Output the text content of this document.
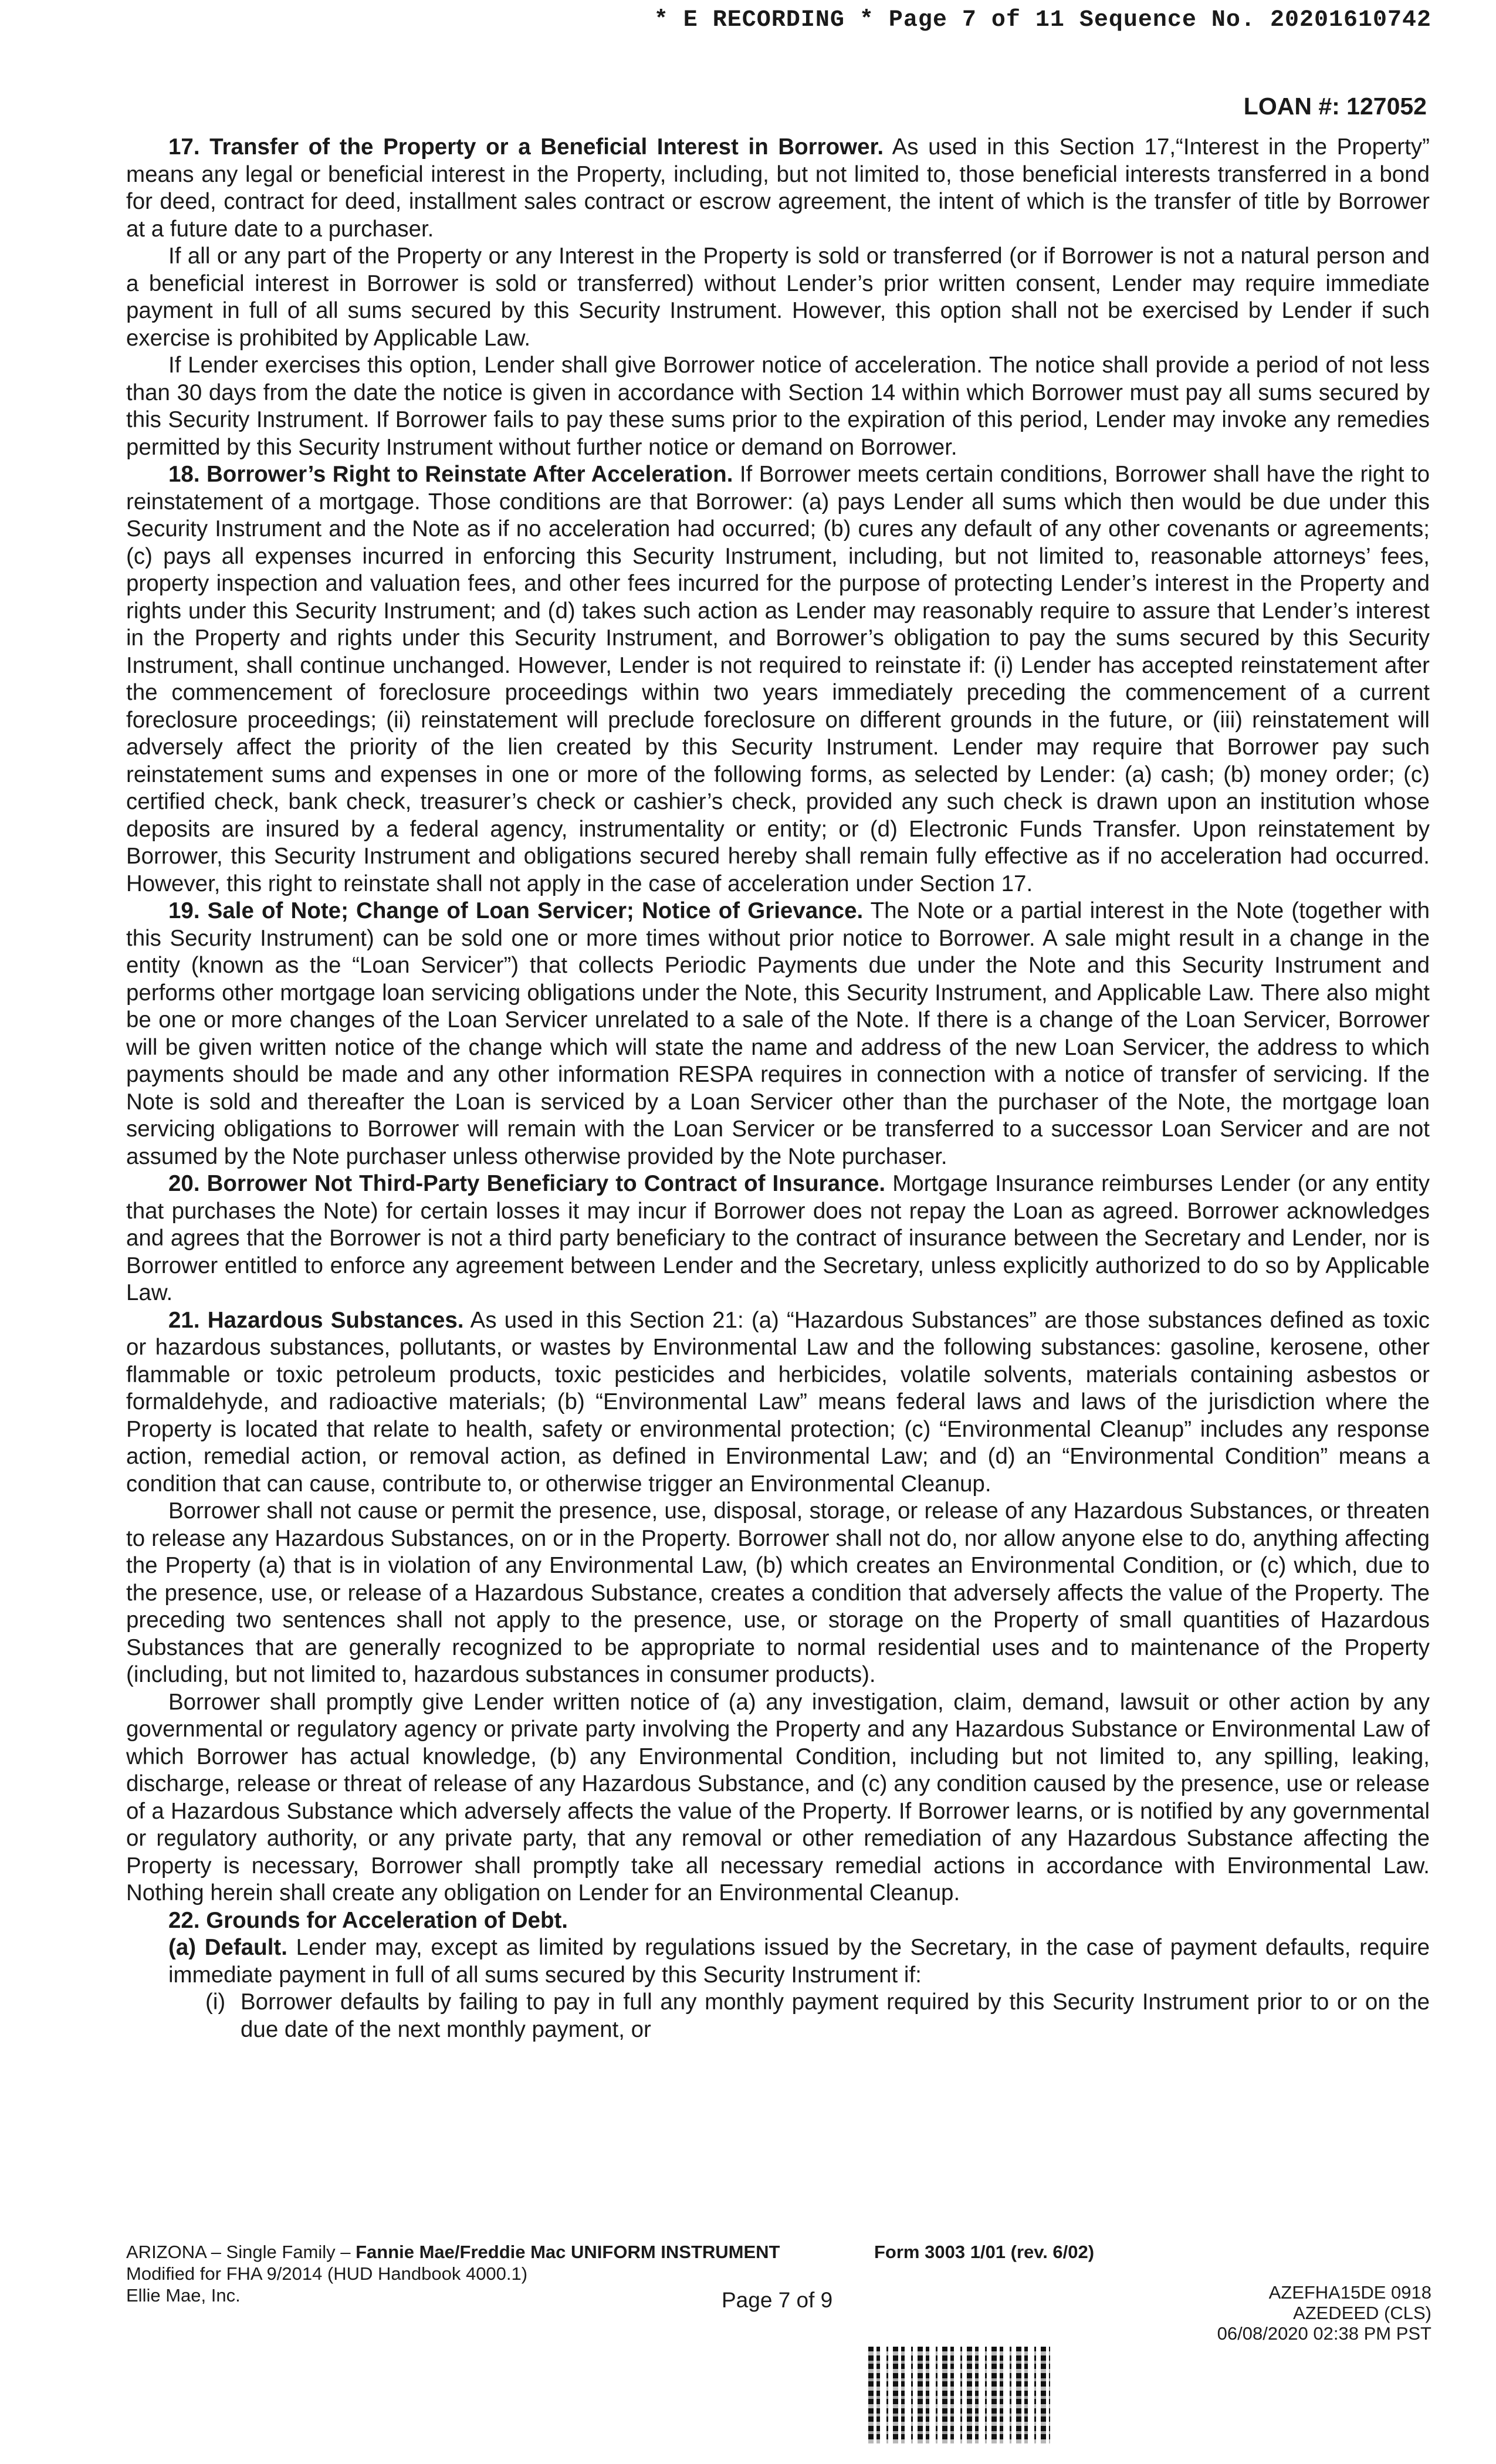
* E RECORDING * Page 7 of 11 Sequence No. 20201610742
LOAN #: 127052

17. Transfer of the Property or a Beneficial Interest in Borrower. As used in this Section 17,“Interest in the Property” means any legal or beneficial interest in the Property, including, but not limited to, those beneficial interests transferred in a bond for deed, contract for deed, installment sales contract or escrow agreement, the intent of which is the transfer of title by Borrower at a future date to a purchaser.

If all or any part of the Property or any Interest in the Property is sold or transferred (or if Borrower is not a natural person and a beneficial interest in Borrower is sold or transferred) without Lender’s prior written consent, Lender may require immediate payment in full of all sums secured by this Security Instrument. However, this option shall not be exercised by Lender if such exercise is prohibited by Applicable Law.

If Lender exercises this option, Lender shall give Borrower notice of acceleration. The notice shall provide a period of not less than 30 days from the date the notice is given in accordance with Section 14 within which Borrower must pay all sums secured by this Security Instrument. If Borrower fails to pay these sums prior to the expiration of this period, Lender may invoke any remedies permitted by this Security Instrument without further notice or demand on Borrower.

18. Borrower’s Right to Reinstate After Acceleration. If Borrower meets certain conditions, Borrower shall have the right to reinstatement of a mortgage. Those conditions are that Borrower: (a) pays Lender all sums which then would be due under this Security Instrument and the Note as if no acceleration had occurred; (b) cures any default of any other covenants or agreements; (c) pays all expenses incurred in enforcing this Security Instrument, including, but not limited to, reasonable attorneys’ fees, property inspection and valuation fees, and other fees incurred for the purpose of protecting Lender’s interest in the Property and rights under this Security Instrument; and (d) takes such action as Lender may reasonably require to assure that Lender’s interest in the Property and rights under this Security Instrument, and Borrower’s obligation to pay the sums secured by this Security Instrument, shall continue unchanged. However, Lender is not required to reinstate if: (i) Lender has accepted reinstatement after the commencement of foreclosure proceedings within two years immediately preceding the commencement of a current foreclosure proceedings; (ii) reinstatement will preclude foreclosure on different grounds in the future, or (iii) reinstatement will adversely affect the priority of the lien created by this Security Instrument. Lender may require that Borrower pay such reinstatement sums and expenses in one or more of the following forms, as selected by Lender: (a) cash; (b) money order; (c) certified check, bank check, treasurer’s check or cashier’s check, provided any such check is drawn upon an institution whose deposits are insured by a federal agency, instrumentality or entity; or (d) Electronic Funds Transfer. Upon reinstatement by Borrower, this Security Instrument and obligations secured hereby shall remain fully effective as if no acceleration had occurred. However, this right to reinstate shall not apply in the case of acceleration under Section 17.

19. Sale of Note; Change of Loan Servicer; Notice of Grievance. The Note or a partial interest in the Note (together with this Security Instrument) can be sold one or more times without prior notice to Borrower. A sale might result in a change in the entity (known as the “Loan Servicer”) that collects Periodic Payments due under the Note and this Security Instrument and performs other mortgage loan servicing obligations under the Note, this Security Instrument, and Applicable Law. There also might be one or more changes of the Loan Servicer unrelated to a sale of the Note. If there is a change of the Loan Servicer, Borrower will be given written notice of the change which will state the name and address of the new Loan Servicer, the address to which payments should be made and any other information RESPA requires in connection with a notice of transfer of servicing. If the Note is sold and thereafter the Loan is serviced by a Loan Servicer other than the purchaser of the Note, the mortgage loan servicing obligations to Borrower will remain with the Loan Servicer or be transferred to a successor Loan Servicer and are not assumed by the Note purchaser unless otherwise provided by the Note purchaser.

20. Borrower Not Third-Party Beneficiary to Contract of Insurance. Mortgage Insurance reimburses Lender (or any entity that purchases the Note) for certain losses it may incur if Borrower does not repay the Loan as agreed. Borrower acknowledges and agrees that the Borrower is not a third party beneficiary to the contract of insurance between the Secretary and Lender, nor is Borrower entitled to enforce any agreement between Lender and the Secretary, unless explicitly authorized to do so by Applicable Law.

21. Hazardous Substances. As used in this Section 21: (a) “Hazardous Substances” are those substances defined as toxic or hazardous substances, pollutants, or wastes by Environmental Law and the following substances: gasoline, kerosene, other flammable or toxic petroleum products, toxic pesticides and herbicides, volatile solvents, materials containing asbestos or formaldehyde, and radioactive materials; (b) “Environmental Law” means federal laws and laws of the jurisdiction where the Property is located that relate to health, safety or environmental protection; (c) “Environmental Cleanup” includes any response action, remedial action, or removal action, as defined in Environmental Law; and (d) an “Environmental Condition” means a condition that can cause, contribute to, or otherwise trigger an Environmental Cleanup.

Borrower shall not cause or permit the presence, use, disposal, storage, or release of any Hazardous Substances, or threaten to release any Hazardous Substances, on or in the Property. Borrower shall not do, nor allow anyone else to do, anything affecting the Property (a) that is in violation of any Environmental Law, (b) which creates an Environmental Condition, or (c) which, due to the presence, use, or release of a Hazardous Substance, creates a condition that adversely affects the value of the Property. The preceding two sentences shall not apply to the presence, use, or storage on the Property of small quantities of Hazardous Substances that are generally recognized to be appropriate to normal residential uses and to maintenance of the Property (including, but not limited to, hazardous substances in consumer products).

Borrower shall promptly give Lender written notice of (a) any investigation, claim, demand, lawsuit or other action by any governmental or regulatory agency or private party involving the Property and any Hazardous Substance or Environmental Law of which Borrower has actual knowledge, (b) any Environmental Condition, including but not limited to, any spilling, leaking, discharge, release or threat of release of any Hazardous Substance, and (c) any condition caused by the presence, use or release of a Hazardous Substance which adversely affects the value of the Property. If Borrower learns, or is notified by any governmental or regulatory authority, or any private party, that any removal or other remediation of any Hazardous Substance affecting the Property is necessary, Borrower shall promptly take all necessary remedial actions in accordance with Environmental Law. Nothing herein shall create any obligation on Lender for an Environmental Cleanup.

22. Grounds for Acceleration of Debt.

(a) Default. Lender may, except as limited by regulations issued by the Secretary, in the case of payment defaults, require immediate payment in full of all sums secured by this Security Instrument if:

(i) Borrower defaults by failing to pay in full any monthly payment required by this Security Instrument prior to or on the due date of the next monthly payment, or

ARIZONA – Single Family – Fannie Mae/Freddie Mac UNIFORM INSTRUMENT
Modified for FHA 9/2014 (HUD Handbook 4000.1)
Ellie Mae, Inc.
Form 3003 1/01 (rev. 6/02)
Page 7 of 9	AZEFHA15DE 0918
AZEDEED (CLS)
06/08/2020 02:38 PM PST
